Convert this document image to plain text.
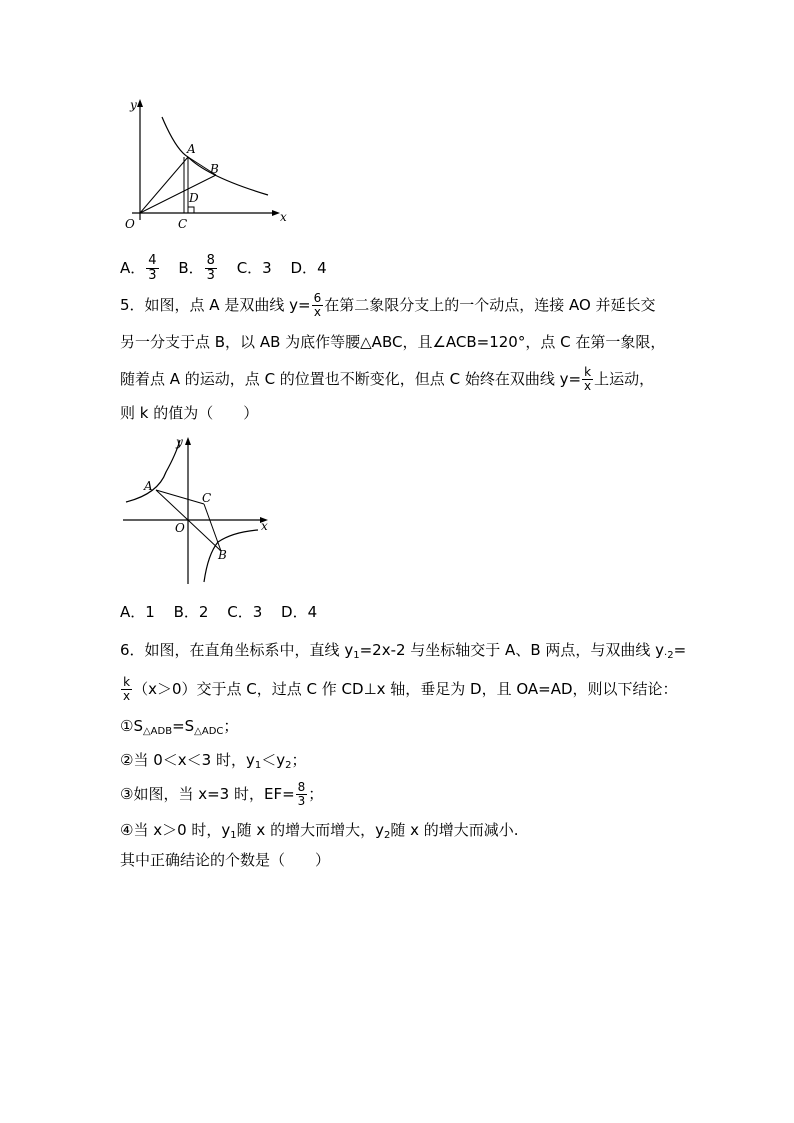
y
x
O
A
B
D
C
A． $\frac{4}{3}$ B． $\frac{8}{3}$ C．3 D．4
5．如图，点 A 是双曲线 $y= \frac{6}{x}$ 在第二象限分支上的一个动点，连接 AO 并延长交
另一分支于点 B，以 AB 为底作等腰△ABC，且∠ACB=120°，点 C 在第一象限，
随着点 A 的运动，点 C 的位置也不断变化，但点 C 始终在双曲线 $y= \frac{k}{x}$ 上运动，
则 k 的值为（　　）
y
x
O
A
C
B
A．1 B．2 C．3 D．4
6．如图，在直角坐标系中，直线 $y_1=2x-2$ 与坐标轴交于 A、B 两点，与双曲线 $y_{\cdot 2}=$
$\frac{k}{x} (x>0)$交于点 C，过点 C 作 CD⊥x 轴，垂足为 D，且 OA=AD，则以下结论：
$①S_{\triangle ADB}=S_{\triangle ADC}$；
②当 0＜x＜3 时，$y_1<y_2$；
③如图，当 x=3 时，$EF= \frac{8}{3}$ ；
④当 x＞0 时，$y_1$随 x 的增大而增大，$y_2$随 x 的增大而减小.
其中正确结论的个数是（　　）
